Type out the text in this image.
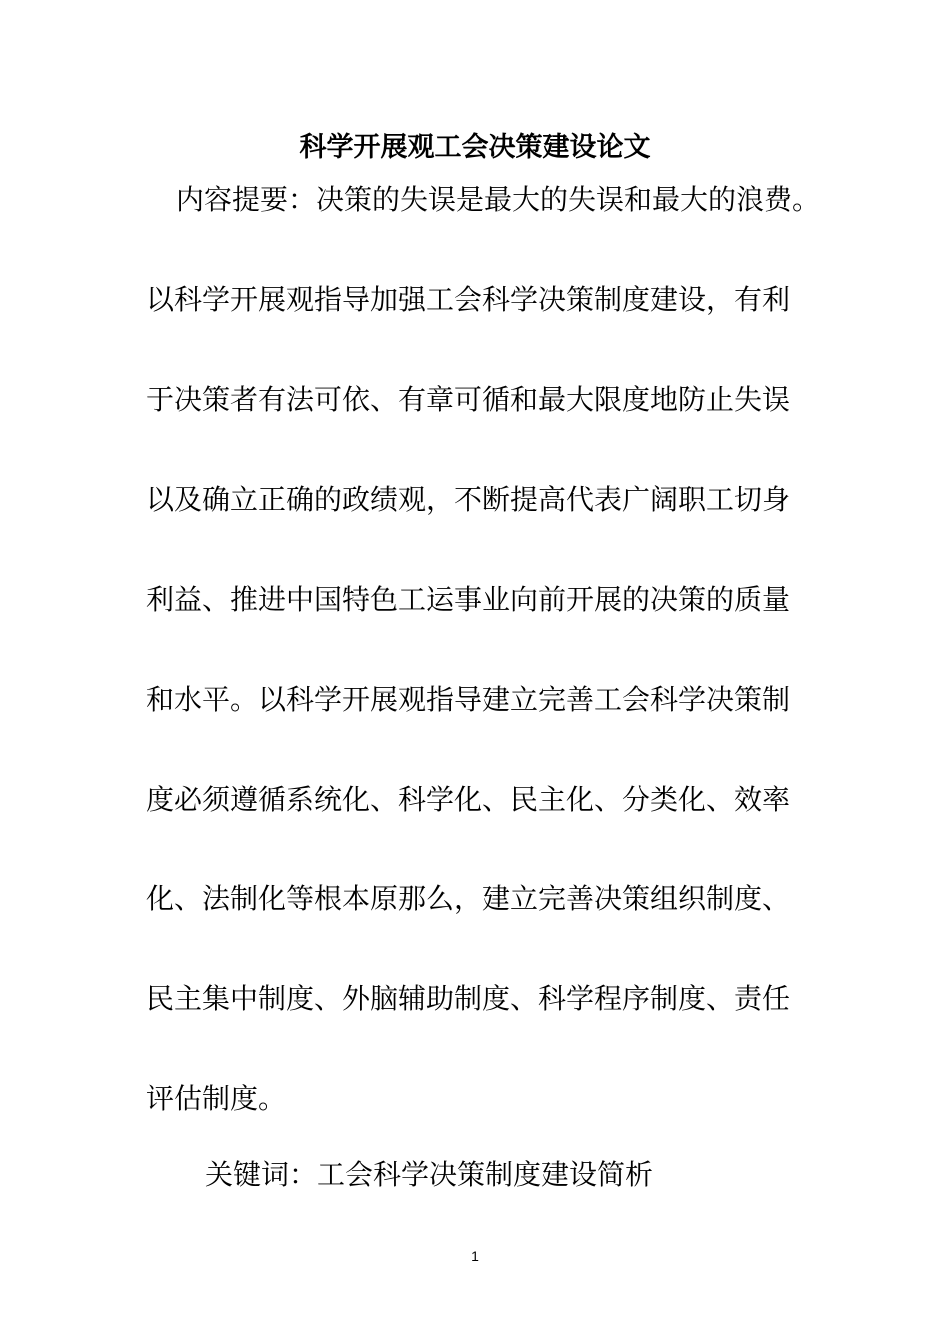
科学开展观工会决策建设论文

内容提要：决策的失误是最大的失误和最大的浪费。

以科学开展观指导加强工会科学决策制度建设，有利

于决策者有法可依、有章可循和最大限度地防止失误

以及确立正确的政绩观，不断提高代表广阔职工切身

利益、推进中国特色工运事业向前开展的决策的质量

和水平。以科学开展观指导建立完善工会科学决策制

度必须遵循系统化、科学化、民主化、分类化、效率

化、法制化等根本原那么，建立完善决策组织制度、

民主集中制度、外脑辅助制度、科学程序制度、责任

评估制度。

关键词：工会科学决策制度建设简析

1
